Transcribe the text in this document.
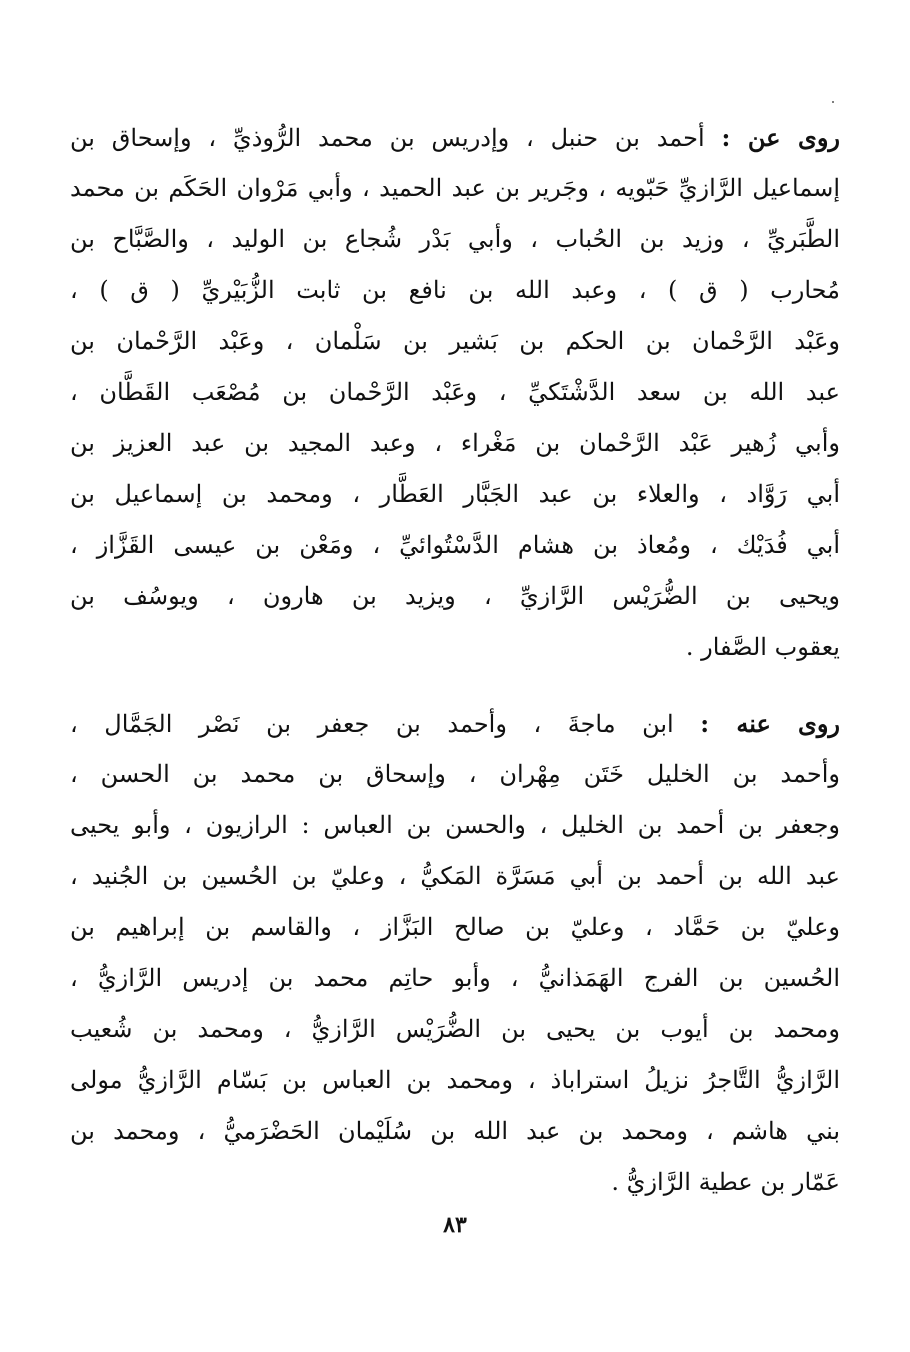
روى عن : أحمد بن حنبل ، وإدريس بن محمد الرُّوذيِّ ، وإسحاق بن
إسماعيل الرَّازيِّ حَبّويه ، وجَرير بن عبد الحميد ، وأبي مَرْوان الحَكَم بن محمد
الطَّبَريِّ ، وزيد بن الحُباب ، وأبي بَدْر شُجاع بن الوليد ، والصَّبَّاح بن
مُحارب ( ق ) ، وعبد الله بن نافع بن ثابت الزُّبَيْريِّ ( ق ) ،
وعَبْد الرَّحْمان بن الحكم بن بَشير بن سَلْمان ، وعَبْد الرَّحْمان بن
عبد الله بن سعد الدَّشْتَكيِّ ، وعَبْد الرَّحْمان بن مُصْعَب القَطَّان ،
وأبي زُهير عَبْد الرَّحْمان بن مَغْراء ، وعبد المجيد بن عبد العزيز بن
أبي رَوَّاد ، والعلاء بن عبد الجَبَّار العَطَّار ، ومحمد بن إسماعيل بن
أبي فُدَيْك ، ومُعاذ بن هشام الدَّسْتُوائيِّ ، ومَعْن بن عيسى القَزَّاز ،
ويحيى بن الضُّرَيْس الرَّازيِّ ، ويزيد بن هارون ، ويوسُف بن
يعقوب الصَّفار .
روى عنه : ابن ماجةَ ، وأحمد بن جعفر بن نَصْر الجَمَّال ،
وأحمد بن الخليل خَتَن مِهْران ، وإسحاق بن محمد بن الحسن ،
وجعفر بن أحمد بن الخليل ، والحسن بن العباس : الرازيون ، وأبو يحيى
عبد الله بن أحمد بن أبي مَسَرَّة المَكيُّ ، وعليّ بن الحُسين بن الجُنيد ،
وعليّ بن حَمَّاد ، وعليّ بن صالح البَزَّاز ، والقاسم بن إبراهيم بن
الحُسين بن الفرج الهَمَذانيُّ ، وأبو حاتِم محمد بن إدريس الرَّازيُّ ،
ومحمد بن أيوب بن يحيى بن الضُّرَيْس الرَّازيُّ ، ومحمد بن شُعيب
الرَّازيُّ التَّاجرُ نزيلُ استراباذ ، ومحمد بن العباس بن بَسّام الرَّازيُّ مولى
بني هاشم ، ومحمد بن عبد الله بن سُلَيْمان الحَضْرَميُّ ، ومحمد بن
عَمّار بن عطية الرَّازيُّ .
٨٣
